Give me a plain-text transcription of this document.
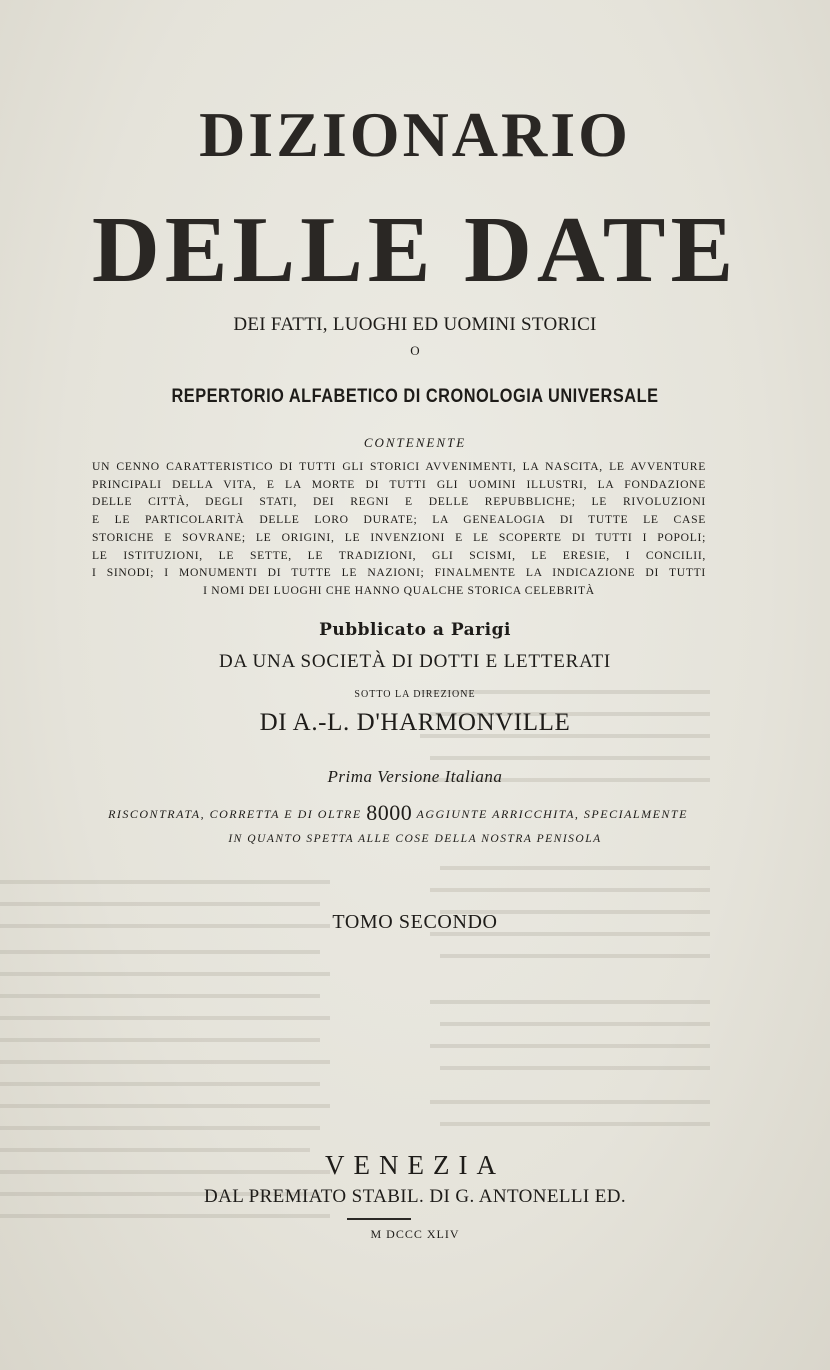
DIZIONARIO
DELLE DATE
DEI FATTI, LUOGHI ED UOMINI STORICI
O
REPERTORIO ALFABETICO DI CRONOLOGIA UNIVERSALE
CONTENENTE
UN CENNO CARATTERISTICO DI TUTTI GLI STORICI AVVENIMENTI, LA NASCITA, LE AVVENTURE
PRINCIPALI DELLA VITA, E LA MORTE DI TUTTI GLI UOMINI ILLUSTRI, LA FONDAZIONE
DELLE CITTÀ, DEGLI STATI, DEI REGNI E DELLE REPUBBLICHE; LE RIVOLUZIONI
E LE PARTICOLARITÀ DELLE LORO DURATE; LA GENEALOGIA DI TUTTE LE CASE
STORICHE E SOVRANE; LE ORIGINI, LE INVENZIONI E LE SCOPERTE DI TUTTI I POPOLI;
LE ISTITUZIONI, LE SETTE, LE TRADIZIONI, GLI SCISMI, LE ERESIE, I CONCILII,
I SINODI; I MONUMENTI DI TUTTE LE NAZIONI; FINALMENTE LA INDICAZIONE DI TUTTI
I NOMI DEI LUOGHI CHE HANNO QUALCHE STORICA CELEBRITÀ
Pubblicato a Parigi
DA UNA SOCIETÀ DI DOTTI E LETTERATI
SOTTO LA DIREZIONE
DI A.-L. D'HARMONVILLE
Prima Versione Italiana
RISCONTRATA, CORRETTA E DI OLTRE 8000 AGGIUNTE ARRICCHITA, SPECIALMENTE
IN QUANTO SPETTA ALLE COSE DELLA NOSTRA PENISOLA
TOMO SECONDO
VENEZIA
DAL PREMIATO STABIL. DI G. ANTONELLI ED.
M DCCC XLIV
